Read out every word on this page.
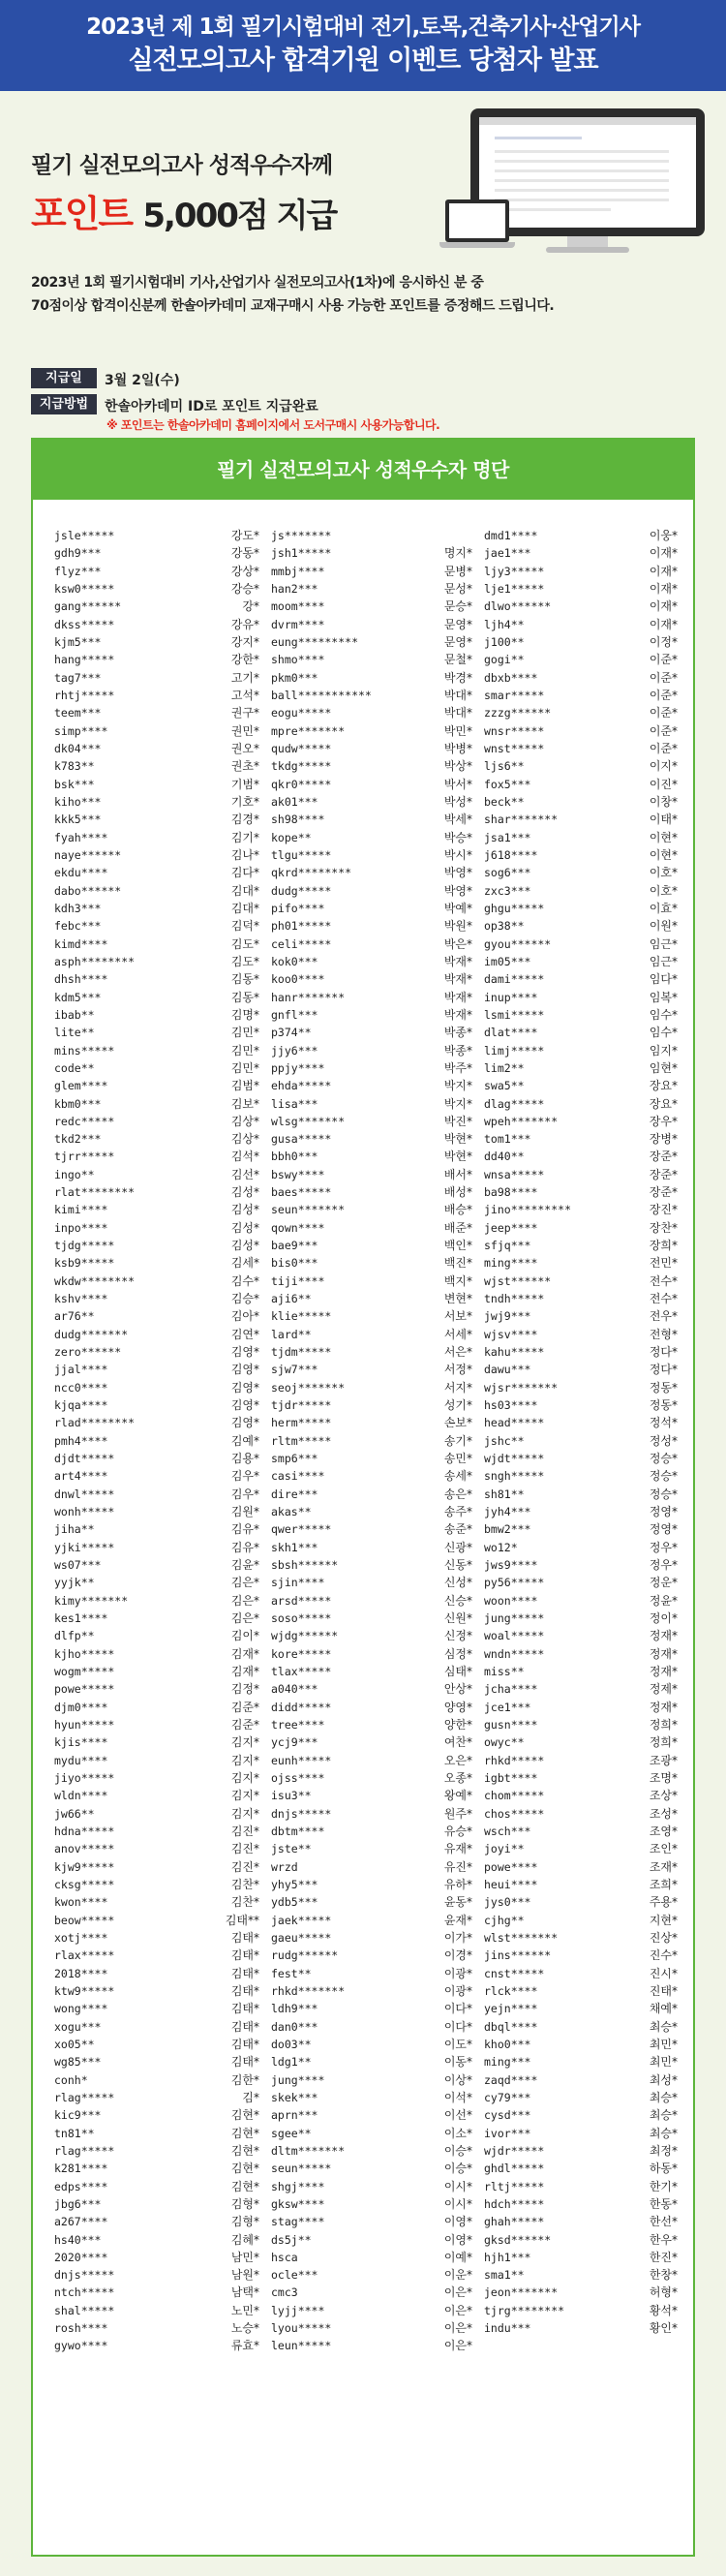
2023년 제 1회 필기시험대비 전기,토목,건축기사·산업기사
실전모의고사 합격기원 이벤트 당첨자 발표
필기 실전모의고사 성적우수자께
포인트 5,000점 지급
2023년 1회 필기시험대비 기사,산업기사 실전모의고사(1차)에 응시하신 분 중
70점이상 합격이신분께 한솔아카데미 교재구매시 사용 가능한 포인트를 증정해드 드립니다.
지급일	3월 2일(수)
지급방법	한솔아카데미 ID로 포인트 지급완료
※ 포인트는 한솔아카데미 홈페이지에서 도서구매시 사용가능합니다.
필기 실전모의고사 성적우수자 명단
jsle*****	강도*
gdh9***	강동*
flyz***	강상*
ksw0*****	강승*
gang******	강*
dkss*****	강유*
kjm5***	강지*
hang*****	강한*
tag7***	고기*
rhtj*****	고석*
teem***	권구*
simp****	권민*
dk04***	권오*
k783**	권초*
bsk***	기범*
kiho***	기호*
kkk5***	김경*
fyah****	김기*
naye******	김나*
ekdu****	김다*
dabo******	김대*
kdh3***	김대*
febc***	김덕*
kimd****	김도*
asph********	김도*
dhsh****	김동*
kdm5***	김동*
ibab**	김명*
lite**	김민*
mins*****	김민*
code**	김민*
glem****	김범*
kbm0***	김보*
redc*****	김상*
tkd2***	김상*
tjrr*****	김석*
ingo**	김선*
rlat********	김성*
kimi****	김성*
inpo****	김성*
tjdg*****	김성*
ksb9*****	김세*
wkdw********	김수*
kshv****	김승*
ar76**	김아*
dudg*******	김연*
zero******	김영*
jjal****	김영*
ncc0****	김영*
kjqa****	김영*
rlad********	김영*
pmh4****	김예*
djdt*****	김용*
art4****	김우*
dnwl*****	김우*
wonh*****	김원*
jiha**	김유*
yjki*****	김유*
ws07***	김윤*
yyjk**	김은*
kimy*******	김은*
kes1****	김은*
dlfp**	김이*
kjho*****	김재*
wogm*****	김재*
powe*****	김정*
djm0****	김준*
hyun*****	김준*
kjis****	김지*
mydu****	김지*
jiyo*****	김지*
wldn****	김지*
jw66**	김지*
hdna*****	김진*
anov*****	김진*
kjw9*****	김진*
cksg*****	김찬*
kwon****	김찬*
beow*****	김태**
xotj****	김태*
rlax*****	김태*
2018****	김태*
ktw9*****	김태*
wong****	김태*
xogu***	김태*
xo05**	김태*
wg85***	김태*
conh*	김한*
rlag*****	김*
kic9***	김현*
tn81**	김현*
rlag*****	김현*
k281****	김현*
edps****	김현*
jbg6***	김형*
a267****	김형*
hs40***	김혜*
2020****	남민*
dnjs*****	남원*
ntch*****	남택*
shal*****	노민*
rosh****	노승*
gywo****	류효*
js*******
jsh1*****	명지*
mmbj****	문병*
han2***	문성*
moom****	문승*
dvrm****	문영*
eung*********	문영*
shmo****	문철*
pkm0***	박경*
ball***********	박대*
eogu*****	박대*
mpre*******	박민*
qudw*****	박병*
tkdg*****	박상*
qkr0*****	박서*
ak01***	박성*
sh98****	박세*
kope**	박승*
tlgu*****	박시*
qkrd********	박영*
dudg*****	박영*
pifo****	박예*
ph01*****	박원*
celi*****	박은*
kok0***	박재*
koo0****	박재*
hanr*******	박재*
gnfl***	박재*
p374**	박종*
jjy6***	박종*
ppjy****	박주*
ehda*****	박지*
lisa***	박지*
wlsg*******	박진*
gusa*****	박현*
bbh0***	박현*
bswy****	배서*
baes*****	배성*
seun*******	배승*
qown****	배준*
bae9***	백인*
bis0***	백진*
tiji****	백지*
aji6**	변현*
klie*****	서보*
lard**	서세*
tjdm*****	서은*
sjw7***	서정*
seoj*******	서지*
tjdr*****	성기*
herm*****	손보*
rltm*****	송기*
smp6***	송민*
casi****	송세*
dire***	송은*
akas**	송주*
qwer*****	송준*
skh1***	신광*
sbsh******	신동*
sjin****	신성*
arsd*****	신승*
soso*****	신원*
wjdg******	신정*
kore*****	심정*
tlax*****	심태*
a040***	안상*
didd*****	양영*
tree****	양한*
ycj9***	여찬*
eunh*****	오은*
ojss****	오종*
isu3**	왕예*
dnjs*****	원주*
dbtm****	유승*
jste**	유재*
wrzd	유진*
yhy5***	유하*
ydb5***	윤동*
jaek*****	윤재*
gaeu*****	이가*
rudg******	이경*
fest**	이광*
rhkd*******	이광*
ldh9***	이다*
dan0***	이다*
do03**	이도*
ldg1**	이동*
jung****	이상*
skek***	이석*
aprn***	이선*
sgee**	이소*
dltm*******	이승*
seun*****	이승*
shgj****	이시*
gksw****	이시*
stag****	이영*
ds5j**	이영*
hsca	이예*
ocle***	이운*
cmc3	이은*
lyjj****	이은*
lyou*****	이은*
leun*****	이은*
dmd1****	이웅*
jae1***	이재*
ljy3*****	이재*
lje1*****	이재*
dlwo******	이재*
ljh4**	이재*
j100**	이정*
gogi**	이준*
dbxb****	이준*
smar*****	이준*
zzzg******	이준*
wnsr*****	이준*
wnst*****	이준*
ljs6**	이지*
fox5***	이진*
beck**	이창*
shar*******	이태*
jsa1***	이현*
j618****	이현*
sog6***	이호*
zxc3***	이호*
ghgu*****	이효*
op38**	이원*
gyou******	임근*
im05***	임근*
dami*****	임다*
inup****	임복*
lsmi*****	임수*
dlat****	임수*
limj*****	임지*
lim2**	임현*
swa5**	장요*
dlag*****	장요*
wpeh*******	장우*
tom1***	장병*
dd40**	장준*
wnsa*****	장준*
ba98****	장준*
jino*********	장진*
jeep****	장찬*
sfjq***	장희*
ming****	전민*
wjst******	전수*
tndh*****	전수*
jwj9***	전우*
wjsv****	전형*
kahu*****	정다*
dawu***	정다*
wjsr*******	정동*
hs03****	정동*
head*****	정석*
jshc**	정성*
wjdt*****	정승*
sngh*****	정승*
sh81**	정승*
jyh4***	정영*
bmw2***	정영*
wo12*	정우*
jws9****	정우*
py56*****	정운*
woon****	정윤*
jung*****	정이*
woal*****	정재*
wndn*****	정재*
miss**	정재*
jcha****	정제*
jce1***	정재*
gusn****	정희*
owyc**	정희*
rhkd*****	조광*
igbt****	조명*
chom*****	조상*
chos*****	조성*
wsch***	조영*
joyi**	조인*
powe****	조재*
heui****	조희*
jys0***	주용*
cjhg**	지현*
wlst*******	진상*
jins******	진수*
cnst*****	진시*
rlck****	진태*
yejn****	채예*
dbql****	최승*
kho0***	최민*
ming***	최민*
zaqd****	최성*
cy79***	최승*
cysd***	최승*
ivor***	최승*
wjdr*****	최정*
ghdl*****	하동*
rltj*****	한기*
hdch*****	한동*
ghah*****	한선*
gksd******	한우*
hjh1***	한진*
sma1**	한창*
jeon*******	허형*
tjrg********	황석*
indu***	황인*
